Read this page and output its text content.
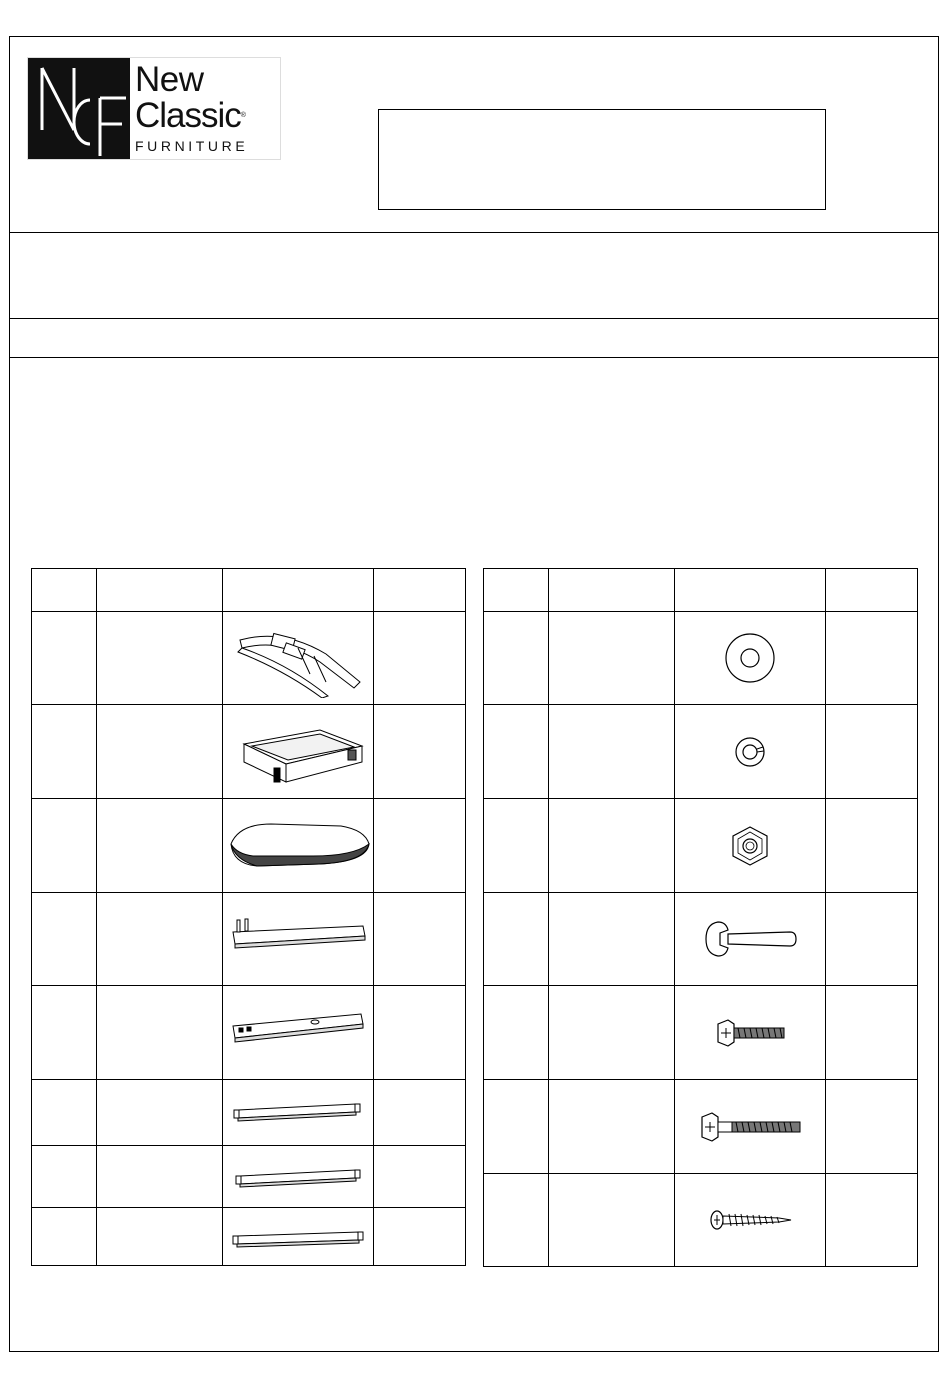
New
Classic®
FURNITURE
